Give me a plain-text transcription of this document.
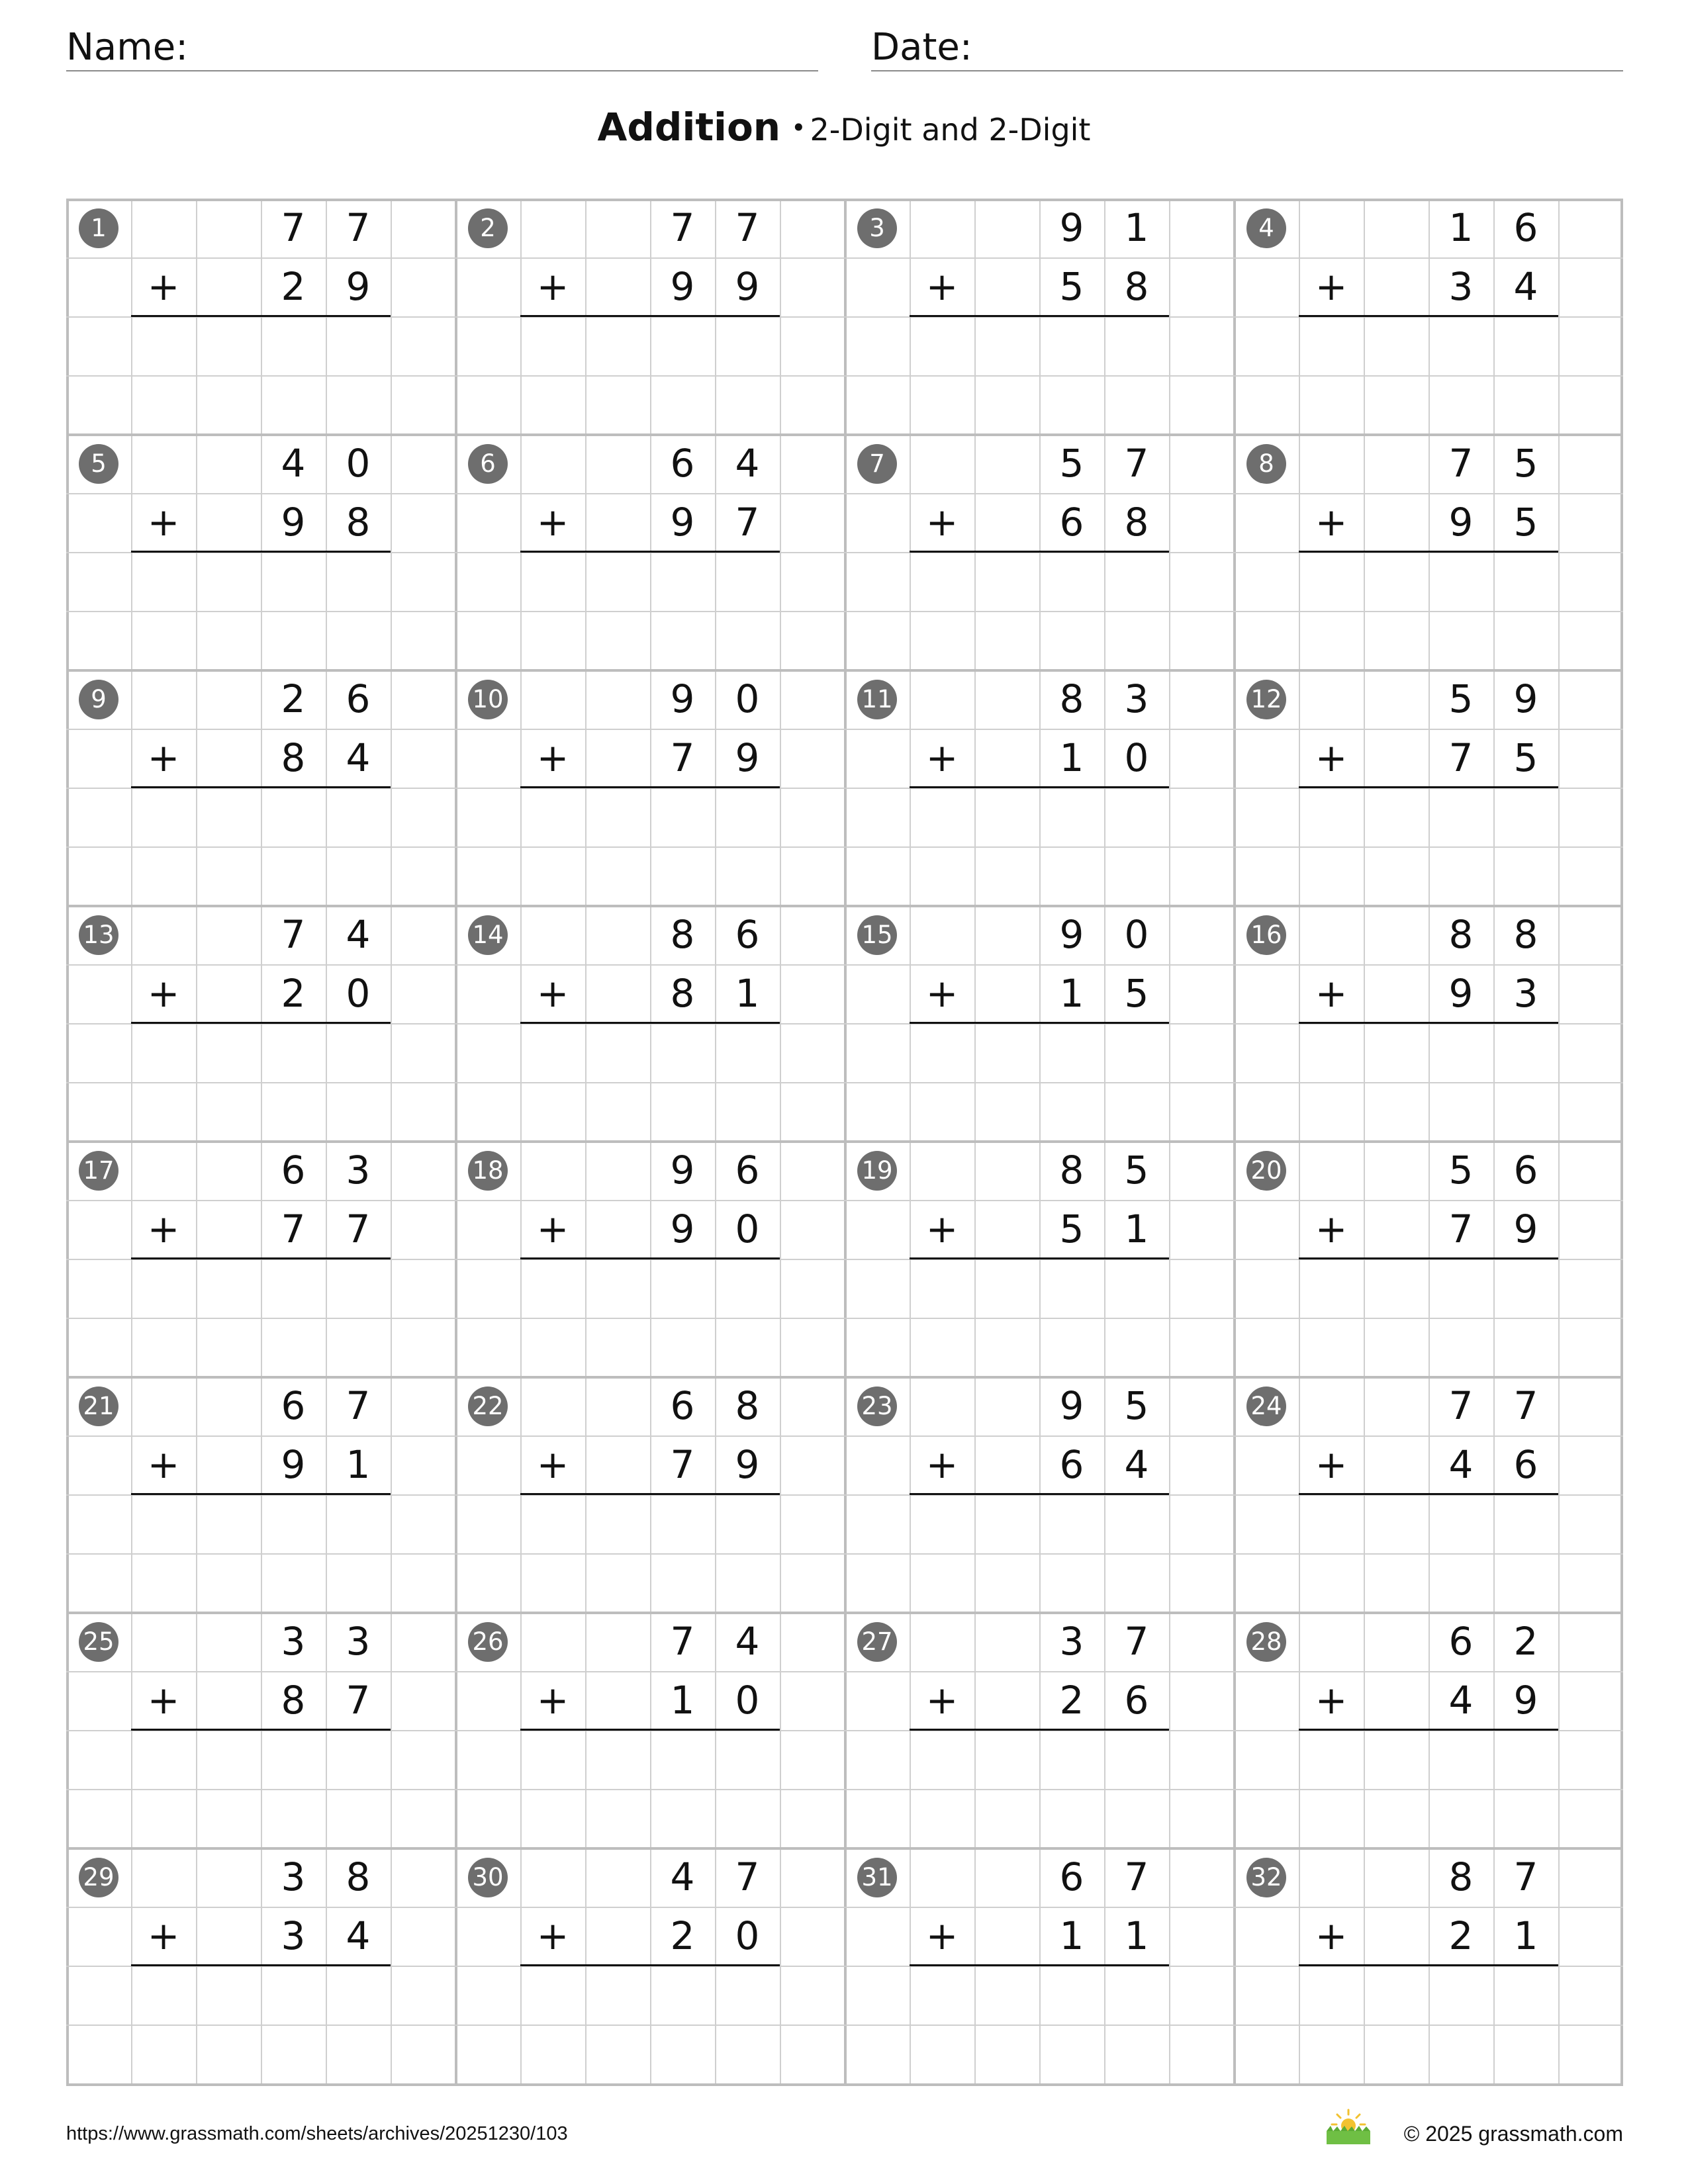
Name:	Date:
Addition • 2-Digit and 2-Digit
1	7	7
+	2	9
2	7	7
+	9	9
3	9	1
+	5	8
4	1	6
+	3	4
5	4	0
+	9	8
6	6	4
+	9	7
7	5	7
+	6	8
8	7	5
+	9	5
9	2	6
+	8	4
10	9	0
+	7	9
11	8	3
+	1	0
12	5	9
+	7	5
13	7	4
+	2	0
14	8	6
+	8	1
15	9	0
+	1	5
16	8	8
+	9	3
17	6	3
+	7	7
18	9	6
+	9	0
19	8	5
+	5	1
20	5	6
+	7	9
21	6	7
+	9	1
22	6	8
+	7	9
23	9	5
+	6	4
24	7	7
+	4	6
25	3	3
+	8	7
26	7	4
+	1	0
27	3	7
+	2	6
28	6	2
+	4	9
29	3	8
+	3	4
30	4	7
+	2	0
31	6	7
+	1	1
32	8	7
+	2	1
https://www.grassmath.com/sheets/archives/20251230/103	© 2025 grassmath.com
